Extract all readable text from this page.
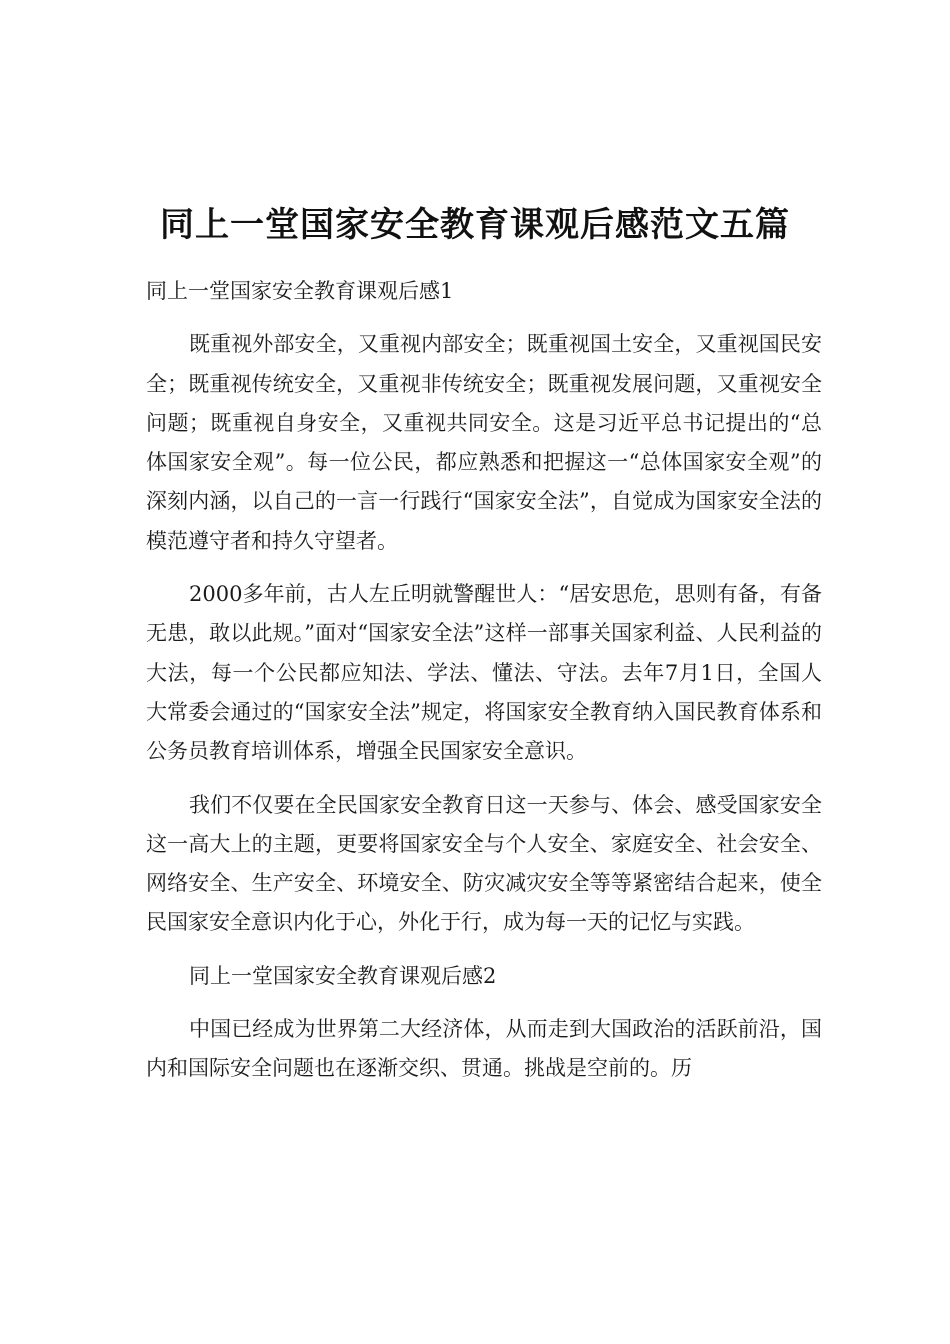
同上一堂国家安全教育课观后感范文五篇

同上一堂国家安全教育课观后感1

既重视外部安全，又重视内部安全；既重视国土安全，又重视国民安全；既重视传统安全，又重视非传统安全；既重视发展问题，又重视安全问题；既重视自身安全，又重视共同安全。这是习近平总书记提出的“总体国家安全观”。每一位公民，都应熟悉和把握这一“总体国家安全观”的深刻内涵，以自己的一言一行践行“国家安全法”，自觉成为国家安全法的模范遵守者和持久守望者。

2000多年前，古人左丘明就警醒世人：“居安思危，思则有备，有备无患，敢以此规。”面对“国家安全法”这样一部事关国家利益、人民利益的大法，每一个公民都应知法、学法、懂法、守法。去年7月1日，全国人大常委会通过的“国家安全法”规定，将国家安全教育纳入国民教育体系和公务员教育培训体系，增强全民国家安全意识。

我们不仅要在全民国家安全教育日这一天参与、体会、感受国家安全这一高大上的主题，更要将国家安全与个人安全、家庭安全、社会安全、网络安全、生产安全、环境安全、防灾减灾安全等等紧密结合起来，使全民国家安全意识内化于心，外化于行，成为每一天的记忆与实践。

同上一堂国家安全教育课观后感2

中国已经成为世界第二大经济体，从而走到大国政治的活跃前沿，国内和国际安全问题也在逐渐交织、贯通。挑战是空前的。历
